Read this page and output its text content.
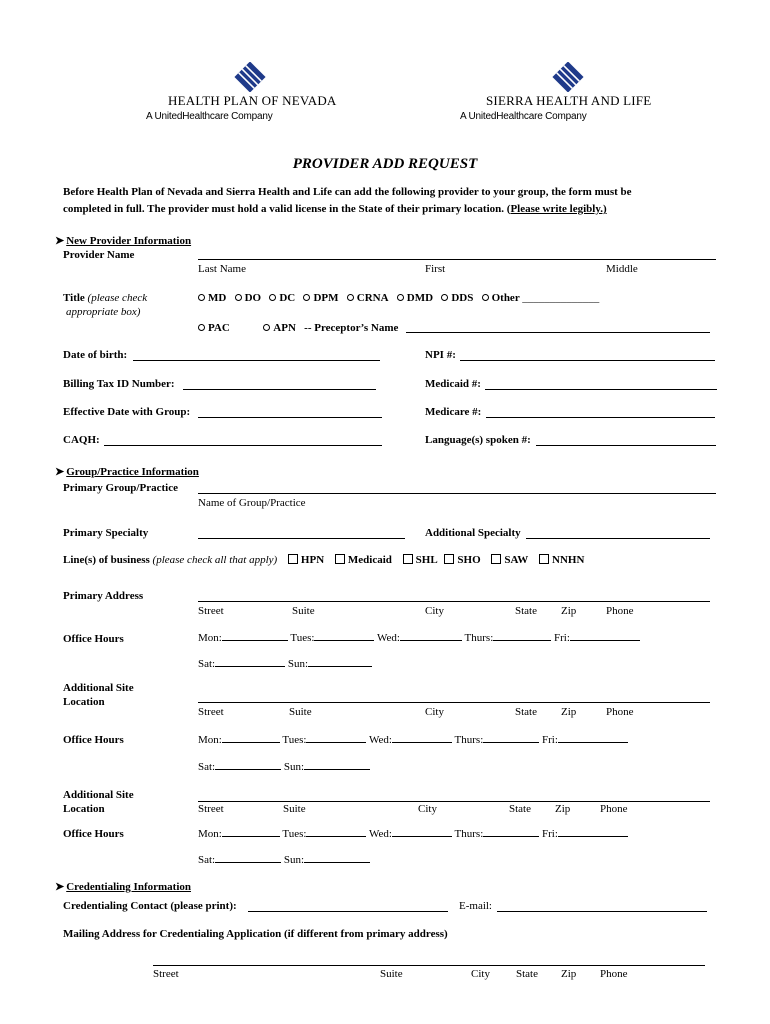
HEALTH PLAN OF NEVADA
A UnitedHealthcare Company
SIERRA HEALTH AND LIFE
A UnitedHealthcare Company
PROVIDER ADD REQUEST
Before Health Plan of Nevada and Sierra Health and Life can add the following provider to your group, the form must be
completed in full. The provider must hold a valid license in the State of their primary location. (Please write legibly.)
➤ New Provider Information
Provider Name
Last Name	First	Middle
Title (please check
appropriate box)
MD DO DC DPM CRNA DMD DDS Other ______________
PAC	APN -- Preceptor’s Name
Date of birth:	NPI #:
Billing Tax ID Number:	Medicaid #:
Effective Date with Group:	Medicare #:
CAQH:	Language(s) spoken #:
➤ Group/Practice Information
Primary Group/Practice
Name of Group/Practice
Primary Specialty	Additional Specialty
Line(s) of business (please check all that apply) HPN Medicaid SHL SHO SAW NNHN
Primary Address
Street	Suite	City	State Zip	Phone
Office Hours	Mon:	Tues:	Wed:	Thurs:	Fri:
Sat:	Sun:
Additional Site
Location
Street	Suite	City	State Zip	Phone
Office Hours	Mon:	Tues:	Wed:	Thurs:	Fri:
Sat:	Sun:
Additional Site
Location	Street	Suite	City	State Zip	Phone
Office Hours	Mon:	Tues:	Wed:	Thurs:	Fri:
Sat:	Sun:
➤ Credentialing Information
Credentialing Contact (please print):	E-mail:
Mailing Address for Credentialing Application (if different from primary address)
Street	Suite	City State Zip Phone
